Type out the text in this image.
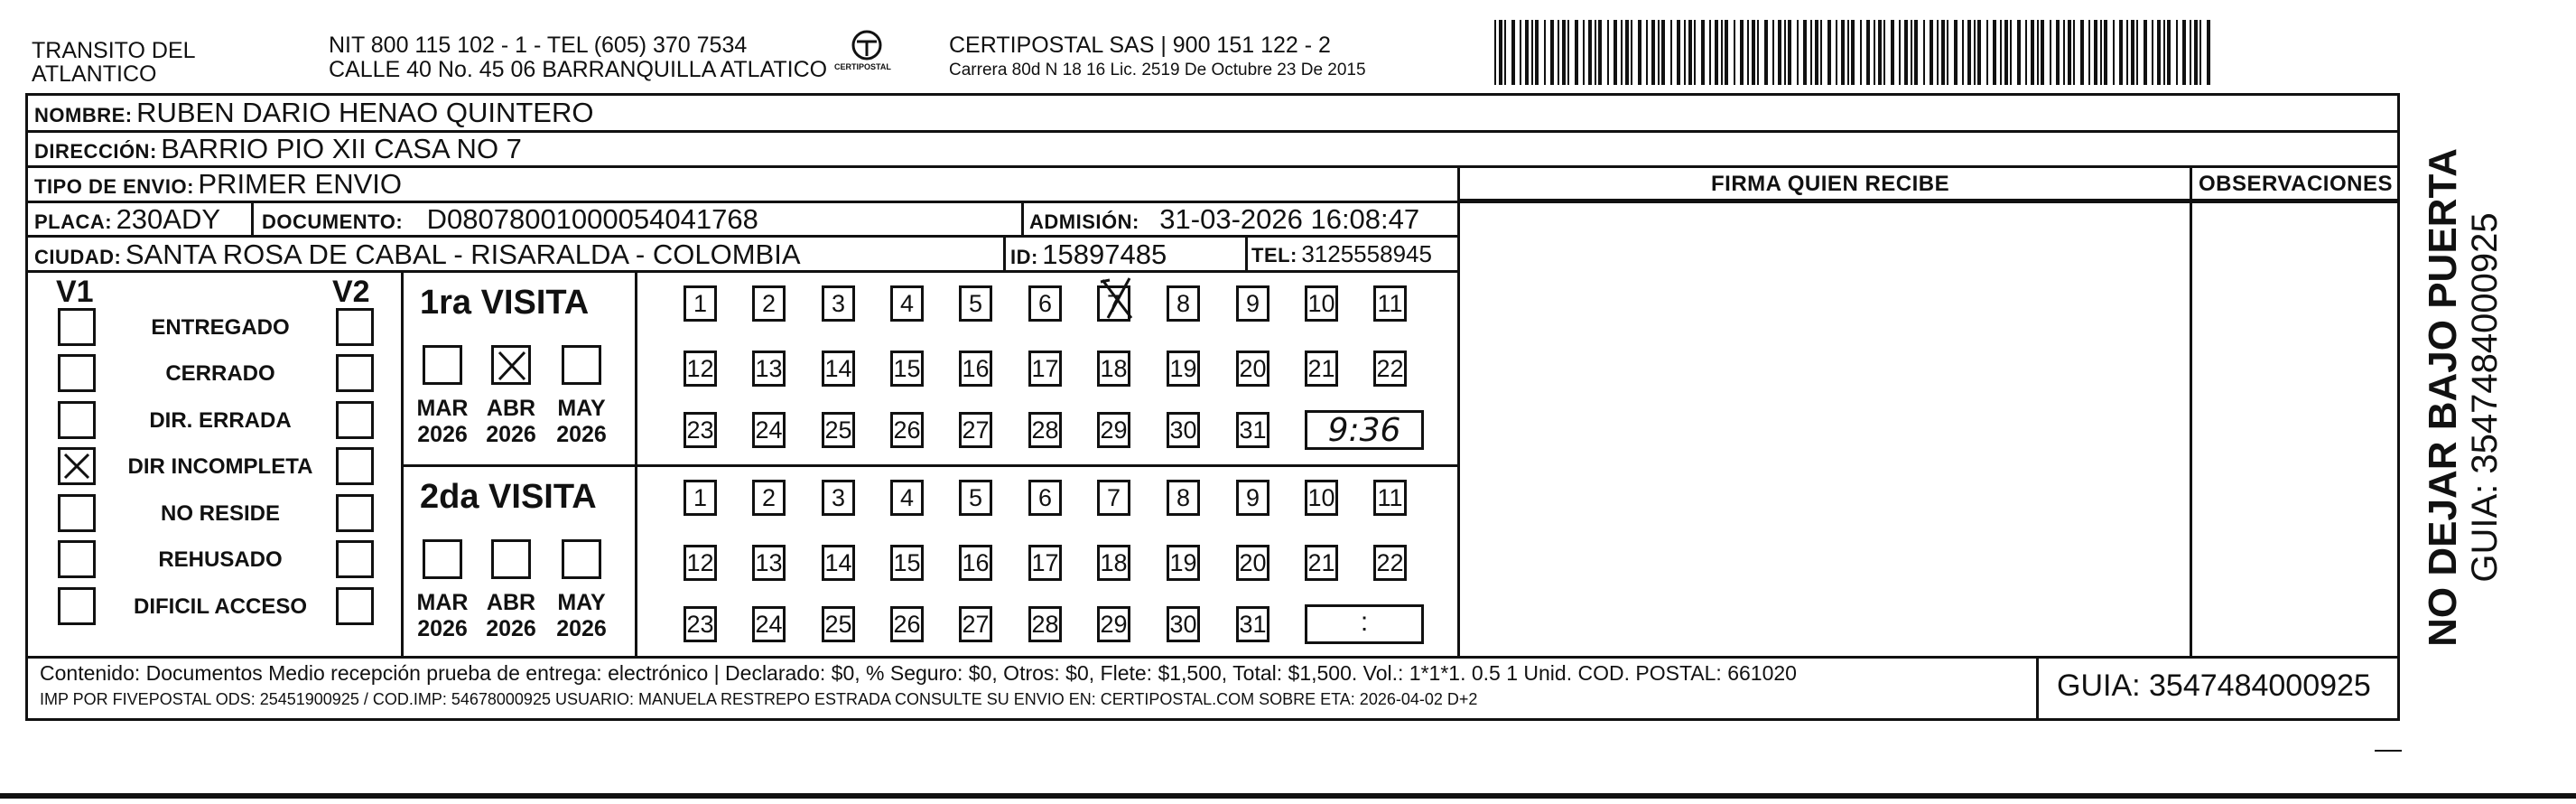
TRANSITO DEL
ATLANTICO
NIT 800 115 102 - 1 - TEL (605) 370 7534
CALLE 40 No. 45 06 BARRANQUILLA ATLATICO CERTIPOSTAL
CERTIPOSTAL SAS | 900 151 122 - 2
Carrera 80d N 18 16 Lic. 2519 De Octubre 23 De 2015
NOMBRE: RUBEN DARIO HENAO QUINTERO
DIRECCIÓN: BARRIO PIO XII CASA NO 7
TIPO DE ENVIO: PRIMER ENVIO	FIRMA QUIEN RECIBE	OBSERVACIONES
PLACA: 230ADY DOCUMENTO: D08078001000054041768	ADMISIÓN: 31-03-2026 16:08:47
CIUDAD: SANTA ROSA DE CABAL - RISARALDA - COLOMBIA	ID: 15897485	TEL: 3125558945
V1	V2
ENTREGADO
CERRADO
DIR. ERRADA
DIR INCOMPLETA
NO RESIDE
REHUSADO
DIFICIL ACCESO
1ra VISITA
MAR
2026
ABR
2026
MAY
2026
1	2	3	4	5	6	7	8	9	10 11
12 13 14 15 16 17 18 19 20 21 22
23 24 25 26 27 28 29 30 31	9:36
2da VISITA
MAR
2026
ABR
2026
MAY
2026
1	2	3	4	5	6	7	8	9	10 11
12 13 14 15 16 17 18 19 20 21 22
23 24 25 26 27 28 29 30 31	:
Contenido: Documentos Medio recepción prueba de entrega: electrónico | Declarado: $0, % Seguro: $0, Otros: $0, Flete: $1,500, Total: $1,500. Vol.: 1*1*1. 0.5 1 Unid. COD. POSTAL: 661020
IMP POR FIVEPOSTAL ODS: 25451900925 / COD.IMP: 54678000925 USUARIO: MANUELA RESTREPO ESTRADA CONSULTE SU ENVIO EN: CERTIPOSTAL.COM SOBRE ETA: 2026-04-02 D+2	GUIA: 3547484000925
NO DEJAR BAJO PUERTA GUIA: 3547484000925
